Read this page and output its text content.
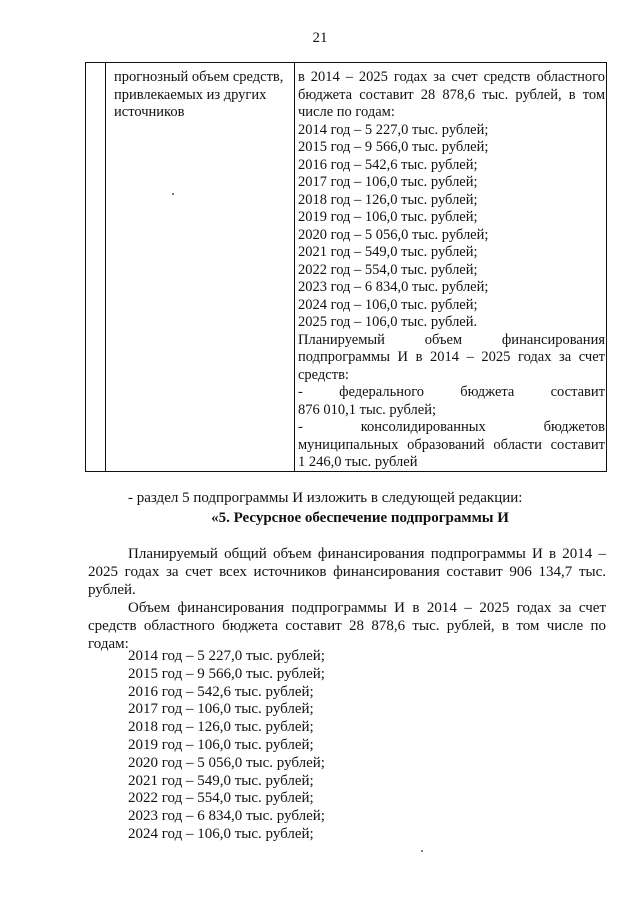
21
прогнозный объем средств, привлекаемых из других источников
в 2014 – 2025 годах за счет средств областного
бюджета составит 28 878,6 тыс. рублей, в том
числе по годам:
2014 год – 5 227,0 тыс. рублей;
2015 год – 9 566,0 тыс. рублей;
2016 год – 542,6 тыс. рублей;
2017 год – 106,0 тыс. рублей;
2018 год – 126,0 тыс. рублей;
2019 год – 106,0 тыс. рублей;
2020 год – 5 056,0 тыс. рублей;
2021 год – 549,0 тыс. рублей;
2022 год – 554,0 тыс. рублей;
2023 год – 6 834,0 тыс. рублей;
2024 год – 106,0 тыс. рублей;
2025 год – 106,0 тыс. рублей.
Планируемый объем финансирования
подпрограммы И в 2014 – 2025 годах за счет
средств:
- федерального бюджета составит
876 010,1 тыс. рублей;
- консолидированных бюджетов
муниципальных образований области составит
1 246,0 тыс. рублей
- раздел 5 подпрограммы И изложить в следующей редакции:
«5. Ресурсное обеспечение подпрограммы И
Планируемый общий объем финансирования подпрограммы И в 2014 – 2025 годах за счет всех источников финансирования составит 906 134,7 тыс. рублей.
Объем финансирования подпрограммы И в 2014 – 2025 годах за счет средств областного бюджета составит 28 878,6 тыс. рублей, в том числе по годам:
2014 год – 5 227,0 тыс. рублей;
2015 год – 9 566,0 тыс. рублей;
2016 год – 542,6 тыс. рублей;
2017 год – 106,0 тыс. рублей;
2018 год – 126,0 тыс. рублей;
2019 год – 106,0 тыс. рублей;
2020 год – 5 056,0 тыс. рублей;
2021 год – 549,0 тыс. рублей;
2022 год – 554,0 тыс. рублей;
2023 год – 6 834,0 тыс. рублей;
2024 год – 106,0 тыс. рублей;
